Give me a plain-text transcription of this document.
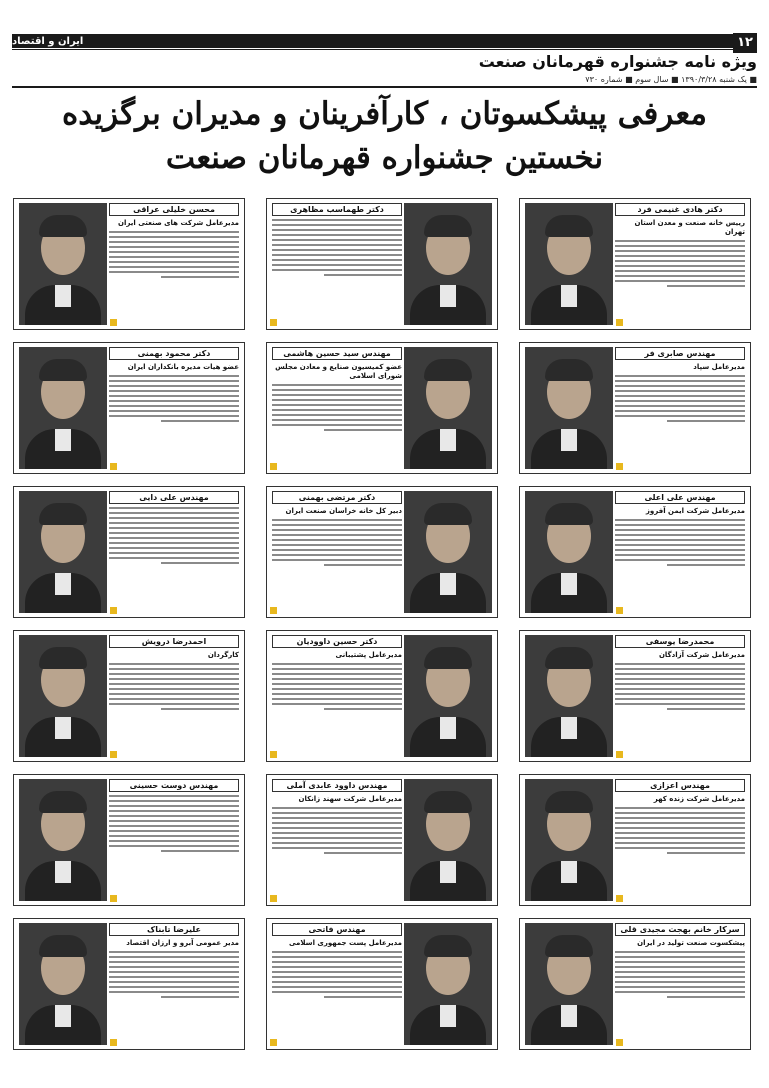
ایران و اقتصاد	۱۲
ویژه نامه جشنواره قهرمانان صنعت
■ یک شنبه ۱۳۹۰/۳/۲۸ ■ سال سوم ■ شماره ۷۳۰
معرفی پیشکسوتان ، کارآفرینان و مدیران برگزیده
نخستین جشنواره قهرمانان صنعت
دکتر هادی غنیمی فرد
رییس خانه صنعت و معدن استان تهران
دکتر طهماسب مظاهری
محسن خلیلی عراقی
مدیرعامل شرکت های صنعتی ایران
مهندس صابری فر
مدیرعامل سپاد
مهندس سید حسین هاشمی
عضو کمیسیون صنایع و معادن مجلس شورای اسلامی
دکتر محمود بهمنی
عضو هیات مدیره بانکداران ایران
مهندس علی اعلی
مدیرعامل شرکت ایمن آفروز
دکتر مرتضی بهمنی
دبیر کل خانه خراسان صنعت ایران
مهندس علی دایی
محمدرضا یوسفی
مدیرعامل شرکت آزادگان
دکتر حسین داوودیان
مدیرعامل پشتیبانی
احمدرضا درویش
کارگردان
مهندس اعزازی
مدیرعامل شرکت زنده کهر
مهندس داوود عابدی آملی
مدیرعامل شرکت سهند زانکان
مهندس دوست حسینی
سرکار خانم بهجت مجیدی قلی
پیشکسوت صنعت تولید در ایران
مهندس فاتحی
مدیرعامل پست جمهوری اسلامی
علیرضا تابناک
مدیر عمومی آبرو و ارزان اقتصاد
